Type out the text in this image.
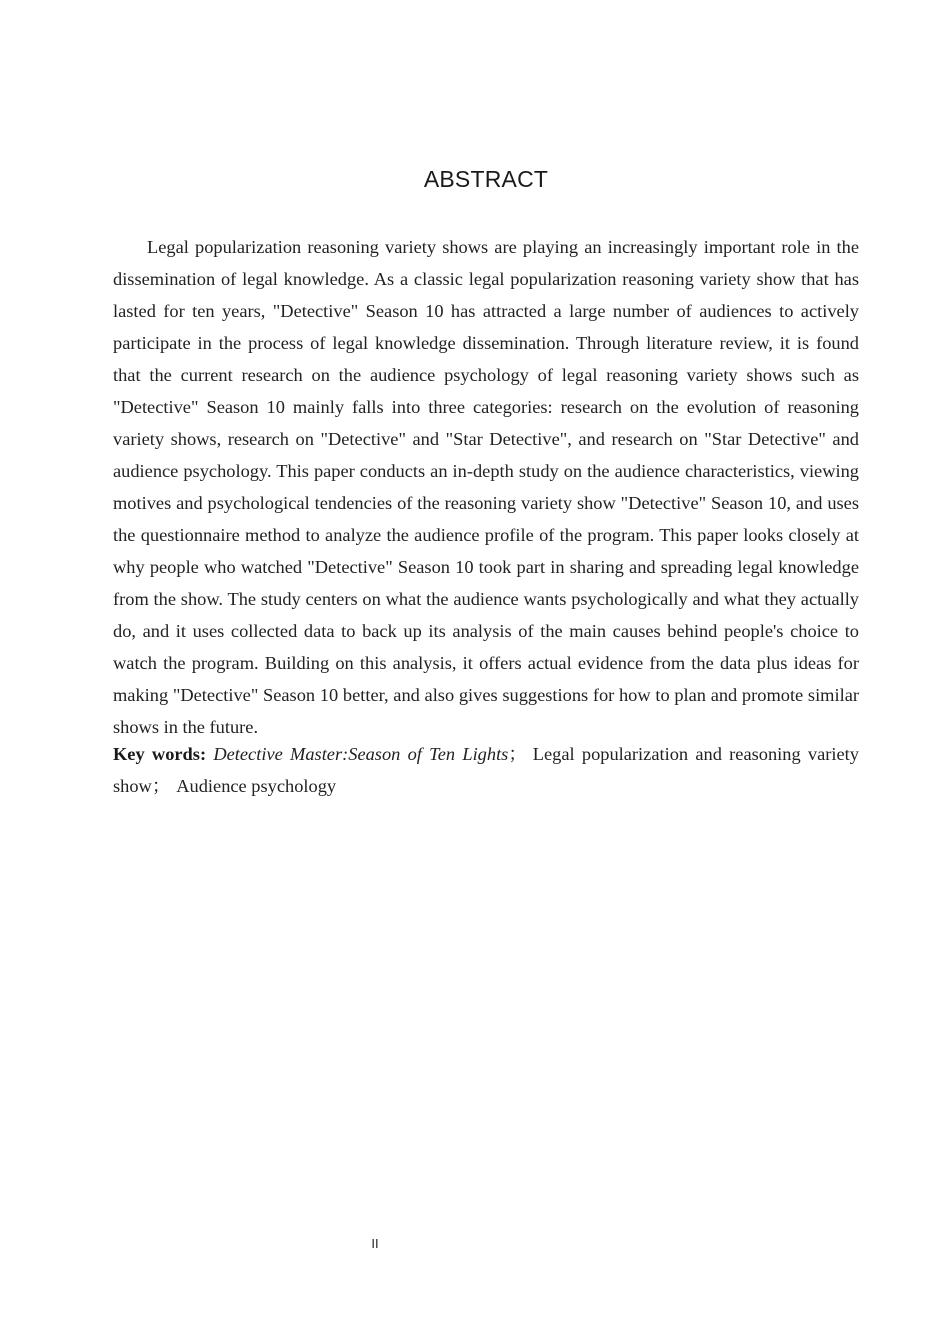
ABSTRACT

Legal popularization reasoning variety shows are playing an increasingly important role in the dissemination of legal knowledge. As a classic legal popularization reasoning variety show that has lasted for ten years, "Detective" Season 10 has attracted a large number of audiences to actively participate in the process of legal knowledge dissemination. Through literature review, it is found that the current research on the audience psychology of legal reasoning variety shows such as "Detective" Season 10 mainly falls into three categories: research on the evolution of reasoning variety shows, research on "Detective" and "Star Detective", and research on "Star Detective" and audience psychology. This paper conducts an in-depth study on the audience characteristics, viewing motives and psychological tendencies of the reasoning variety show "Detective" Season 10, and uses the questionnaire method to analyze the audience profile of the program. This paper looks closely at why people who watched "Detective" Season 10 took part in sharing and spreading legal knowledge from the show. The study centers on what the audience wants psychologically and what they actually do, and it uses collected data to back up its analysis of the main causes behind people's choice to watch the program. Building on this analysis, it offers actual evidence from the data plus ideas for making "Detective" Season 10 better, and also gives suggestions for how to plan and promote similar shows in the future.

Key words: Detective Master:Season of Ten Lights； Legal popularization and reasoning variety show； Audience psychology

II
